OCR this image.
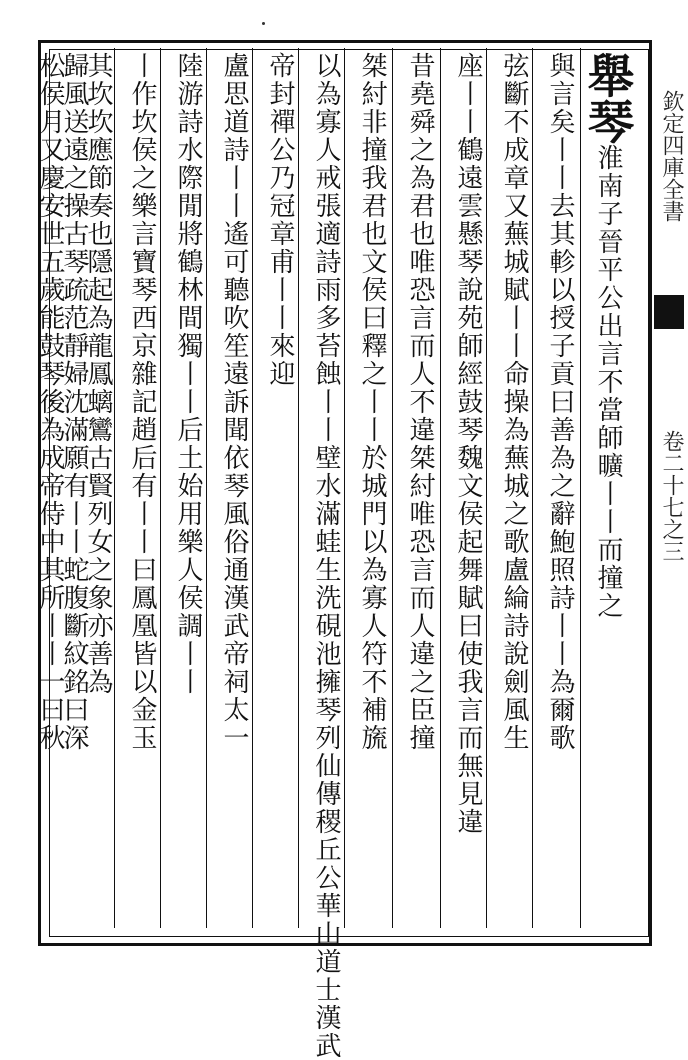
舉琴淮南子晉平公出言不當師曠丨丨而撞之
與言矣丨丨去其軫以授子貢曰善為之辭鮑照詩丨丨為爾歌
弦斷不成章又蕪城賦丨丨命操為蕪城之歌盧綸詩說劍風生
座丨丨鶴遠雲懸琴說苑師經鼓琴魏文侯起舞賦曰使我言而無見違
昔堯舜之為君也唯恐言而人不違桀紂唯恐言而人違之臣撞
桀紂非撞我君也文侯曰釋之丨丨於城門以為寡人符不補旒
以為寡人戒張適詩雨多苔蝕丨丨壁水滿蛙生洗硯池擁琴列仙傳稷丘公華山道士漢武
帝封禪公乃冠章甫丨丨來迎
盧思道詩丨丨遙可聽吹笙遠訴聞依琴風俗通漢武帝祠太一
陸游詩水際閒將鶴林間獨丨丨后土始用樂人侯調丨丨
丨作坎侯之樂言寶琴西京雜記趙后有丨丨曰鳳凰皆以金玉
其坎坎應節奏也隱起為龍鳳螭鸞古賢列女之象亦善為
歸風送遠之操古琴疏范靜婦沈滿願有丨丨蛇腹斷紋銘曰深
松侯月又慶安世五歲能鼓琴後為成帝侍中其所丨丨一曰秋	欽定四庫全書
卷二十七之三
